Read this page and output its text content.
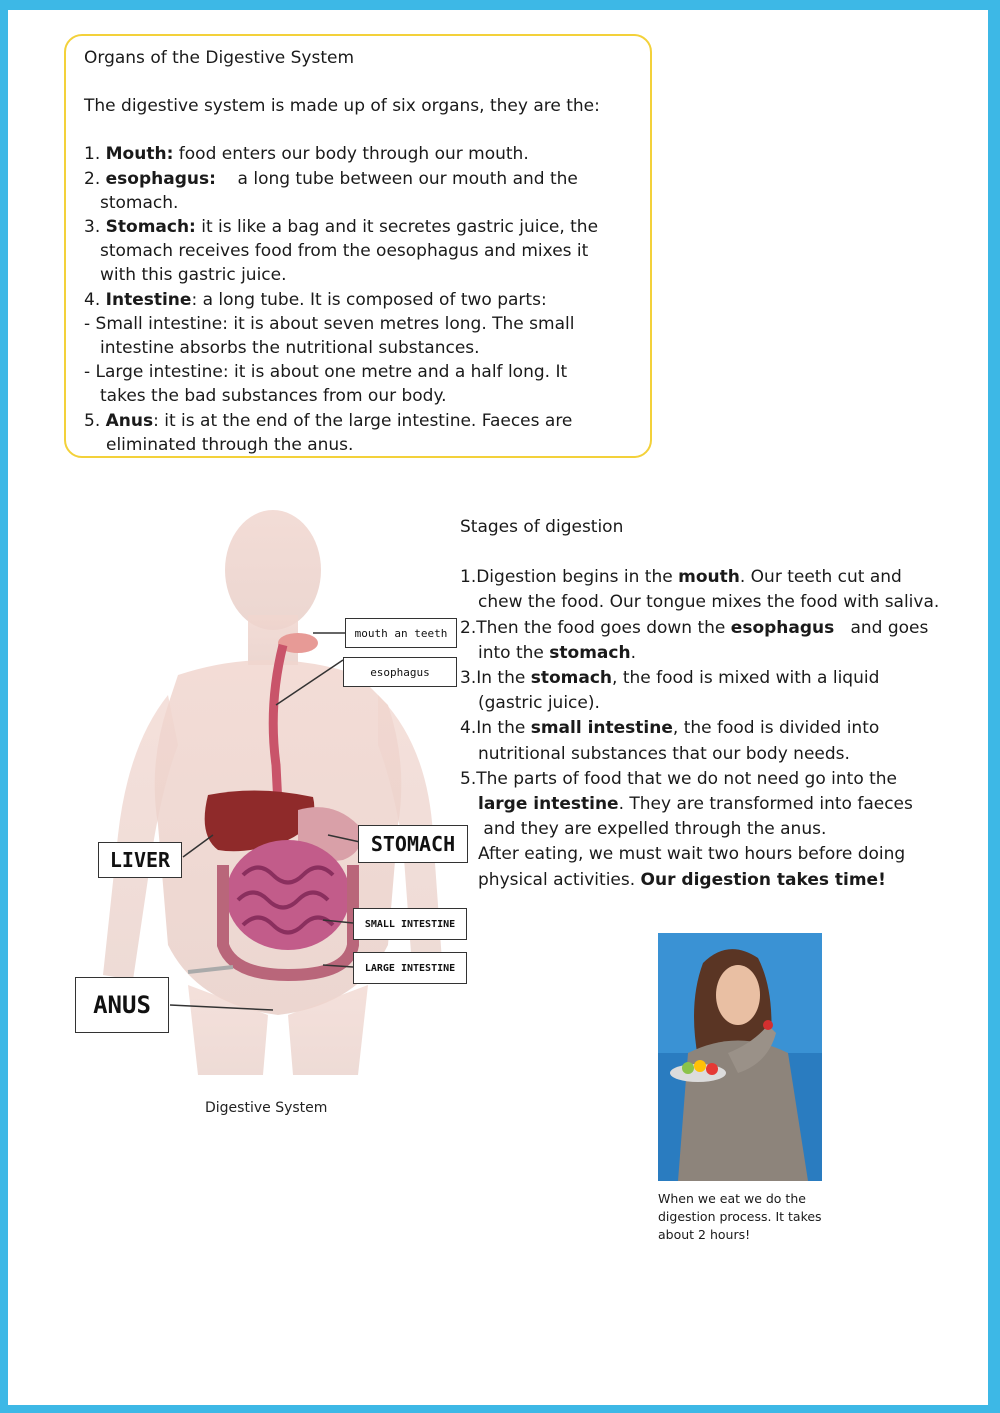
Organs of the Digestive System
The digestive system is made up of six organs, they are the:
1. Mouth: food enters our body through our mouth.
2. esophagus:    a long tube between our mouth and the
stomach.
3. Stomach: it is like a bag and it secretes gastric juice, the
stomach receives food from the oesophagus and mixes it
with this gastric juice.
4. Intestine: a long tube. It is composed of two parts:
- Small intestine: it is about seven metres long. The small
intestine absorbs the nutritional substances.
- Large intestine: it is about one metre and a half long. It
takes the bad substances from our body.
5. Anus: it is at the end of the large intestine. Faeces are
eliminated through the anus.
mouth an teeth
esophagus
LIVER
STOMACH
SMALL INTESTINE
LARGE INTESTINE
ANUS
Digestive System
Stages of digestion
1.Digestion begins in the mouth. Our teeth cut and
chew the food. Our tongue mixes the food with saliva.
2.Then the food goes down the esophagus   and goes
into the stomach.
3.In the stomach, the food is mixed with a liquid
(gastric juice).
4.In the small intestine, the food is divided into
nutritional substances that our body needs.
5.The parts of food that we do not need go into the
large intestine. They are transformed into faeces
and they are expelled through the anus.
After eating, we must wait two hours before doing
physical activities. Our digestion takes time!
When we eat we do the digestion process. It takes about 2 hours!
